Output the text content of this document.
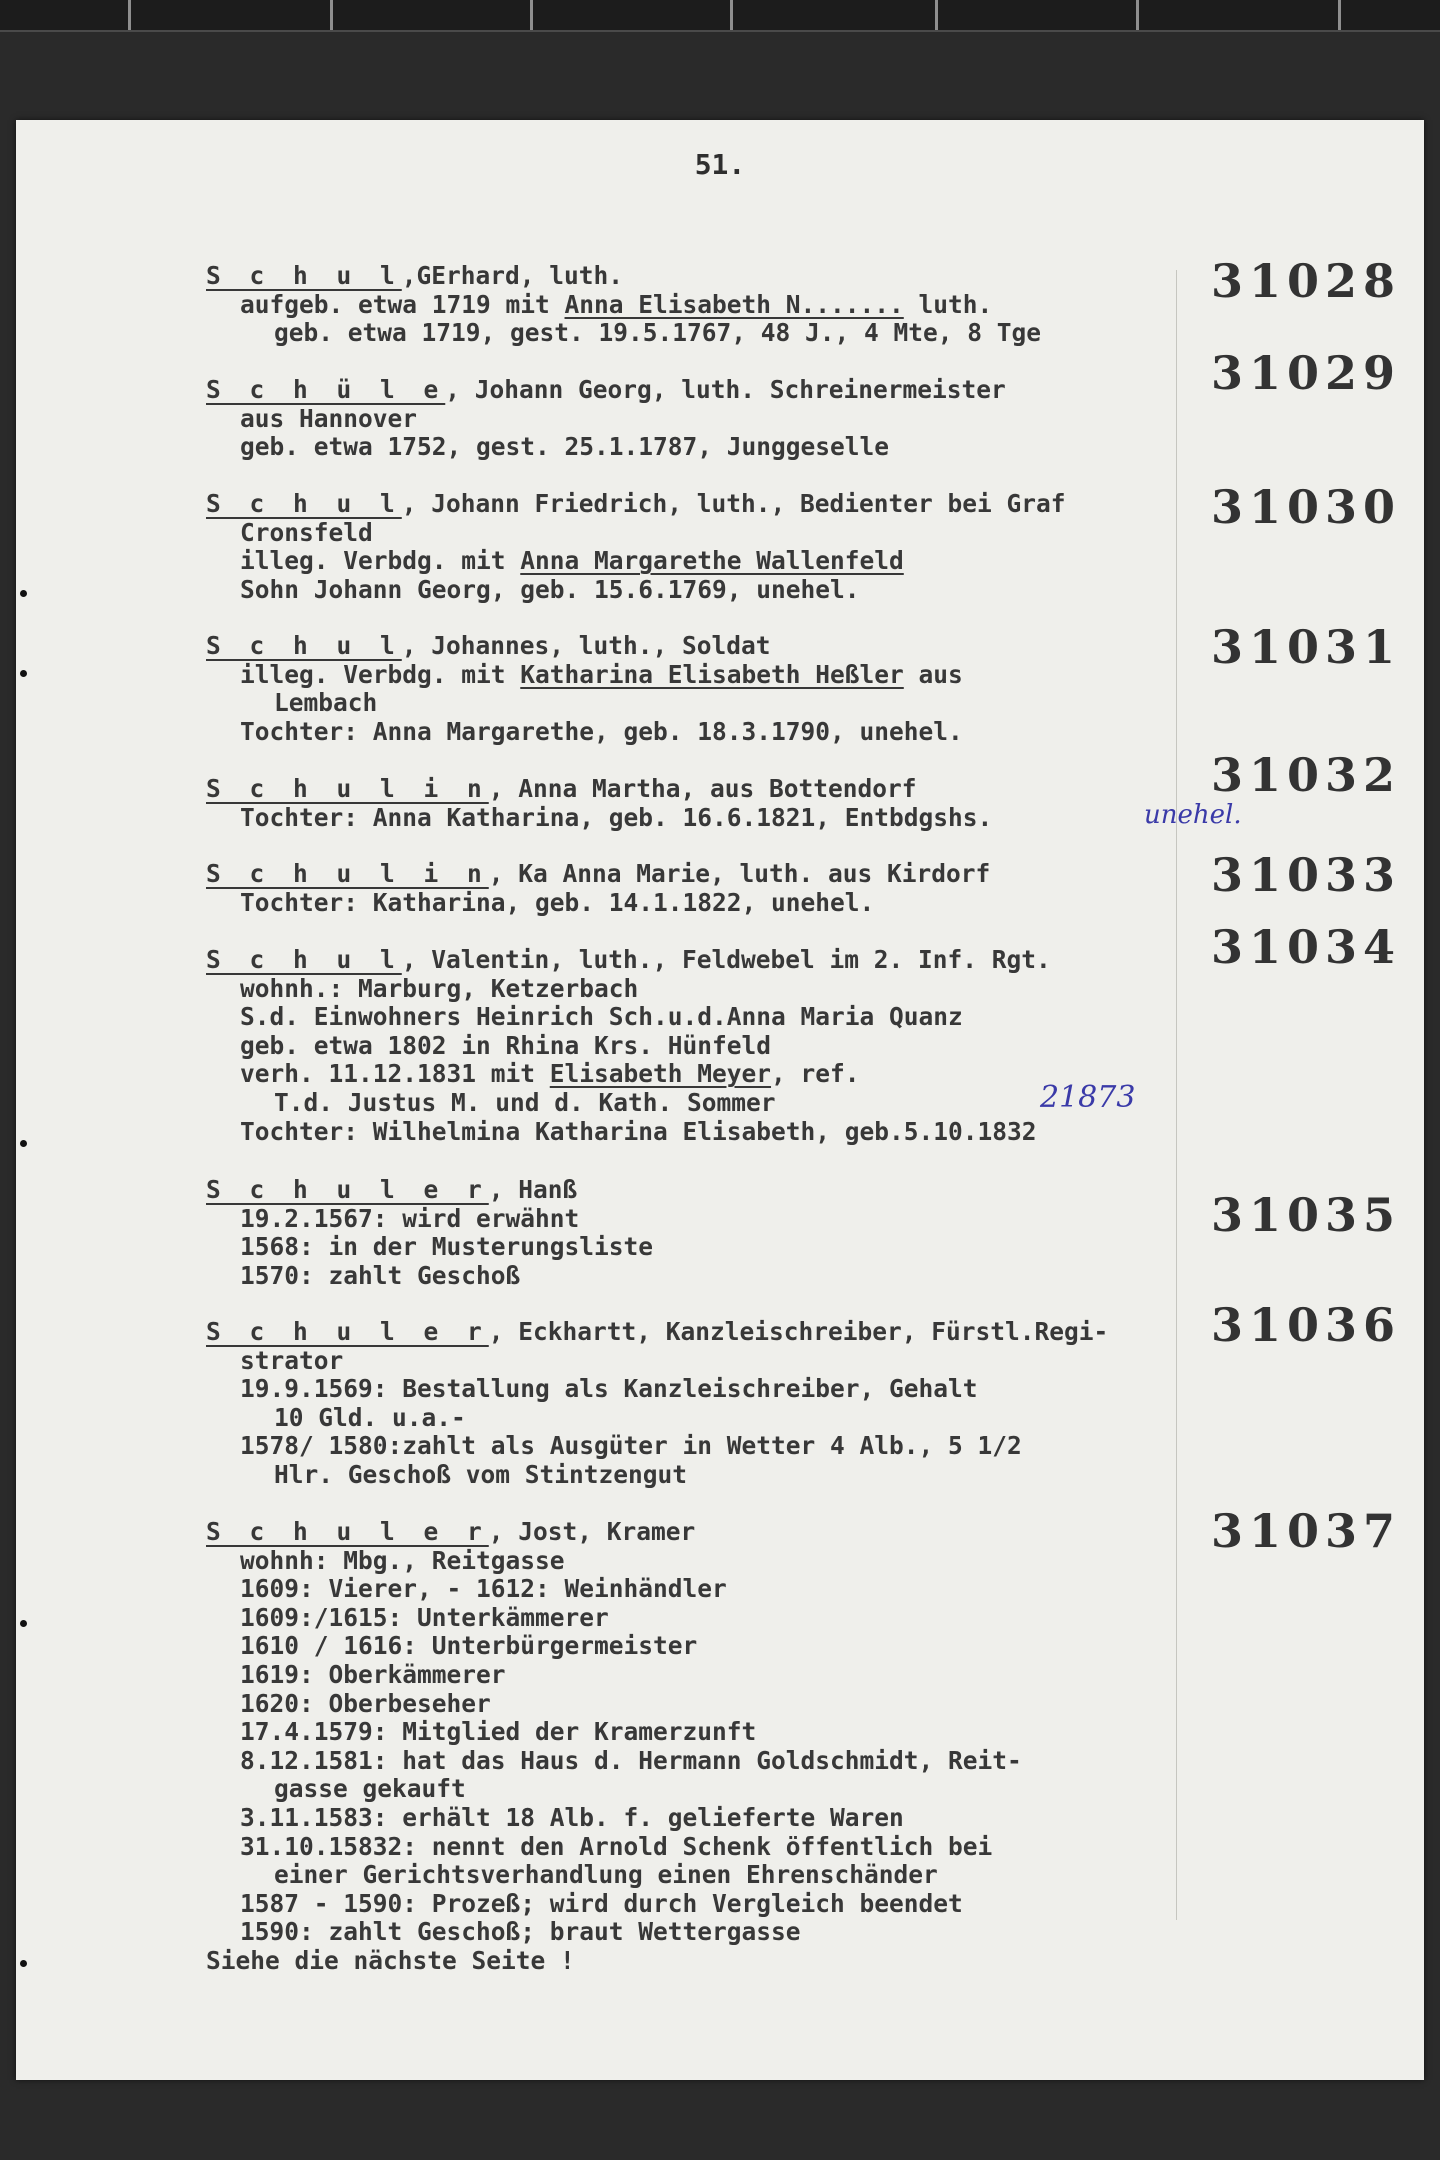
51.
S c h u l,GErhard, luth.
aufgeb. etwa 1719 mit Anna Elisabeth N....... luth.
geb. etwa 1719, gest. 19.5.1767, 48 J., 4 Mte, 8 Tge
31028
S c h ü l e, Johann Georg, luth. Schreinermeister
aus Hannover
geb. etwa 1752, gest. 25.1.1787, Junggeselle
31029
S c h u l, Johann Friedrich, luth., Bedienter bei Graf
Cronsfeld
illeg. Verbdg. mit Anna Margarethe Wallenfeld
Sohn Johann Georg, geb. 15.6.1769, unehel.
31030
S c h u l, Johannes, luth., Soldat
illeg. Verbdg. mit Katharina Elisabeth Heßler aus
Lembach
Tochter: Anna Margarethe, geb. 18.3.1790, unehel.
31031
S c h u l i n, Anna Martha, aus Bottendorf
Tochter: Anna Katharina, geb. 16.6.1821, Entbdgshs.	unehel.
31032
S c h u l i n, Ka Anna Marie, luth. aus Kirdorf
Tochter: Katharina, geb. 14.1.1822, unehel.
31033
S c h u l, Valentin, luth., Feldwebel im 2. Inf. Rgt.
wohnh.: Marburg, Ketzerbach
S.d. Einwohners Heinrich Sch.u.d.Anna Maria Quanz
geb. etwa 1802 in Rhina Krs. Hünfeld
verh. 11.12.1831 mit Elisabeth Meyer, ref.
T.d. Justus M. und d. Kath. Sommer
Tochter: Wilhelmina Katharina Elisabeth, geb.5.10.1832
21873
31034
S c h u l e r, Hanß
19.2.1567: wird erwähnt
1568: in der Musterungsliste
1570: zahlt Geschoß
31035
S c h u l e r, Eckhartt, Kanzleischreiber, Fürstl.Regi-
strator
19.9.1569: Bestallung als Kanzleischreiber, Gehalt
10 Gld. u.a.-
1578/ 1580:zahlt als Ausgüter in Wetter 4 Alb., 5 1/2
Hlr. Geschoß vom Stintzengut
31036
S c h u l e r, Jost, Kramer
wohnh: Mbg., Reitgasse
1609: Vierer, - 1612: Weinhändler
1609:/1615: Unterkämmerer
1610 / 1616: Unterbürgermeister
1619: Oberkämmerer
1620: Oberbeseher
17.4.1579: Mitglied der Kramerzunft
8.12.1581: hat das Haus d. Hermann Goldschmidt, Reit-
gasse gekauft
3.11.1583: erhält 18 Alb. f. gelieferte Waren
31.10.15832: nennt den Arnold Schenk öffentlich bei
einer Gerichtsverhandlung einen Ehrenschänder
1587 - 1590: Prozeß; wird durch Vergleich beendet
1590: zahlt Geschoß; braut Wettergasse
Siehe die nächste Seite !
31037
